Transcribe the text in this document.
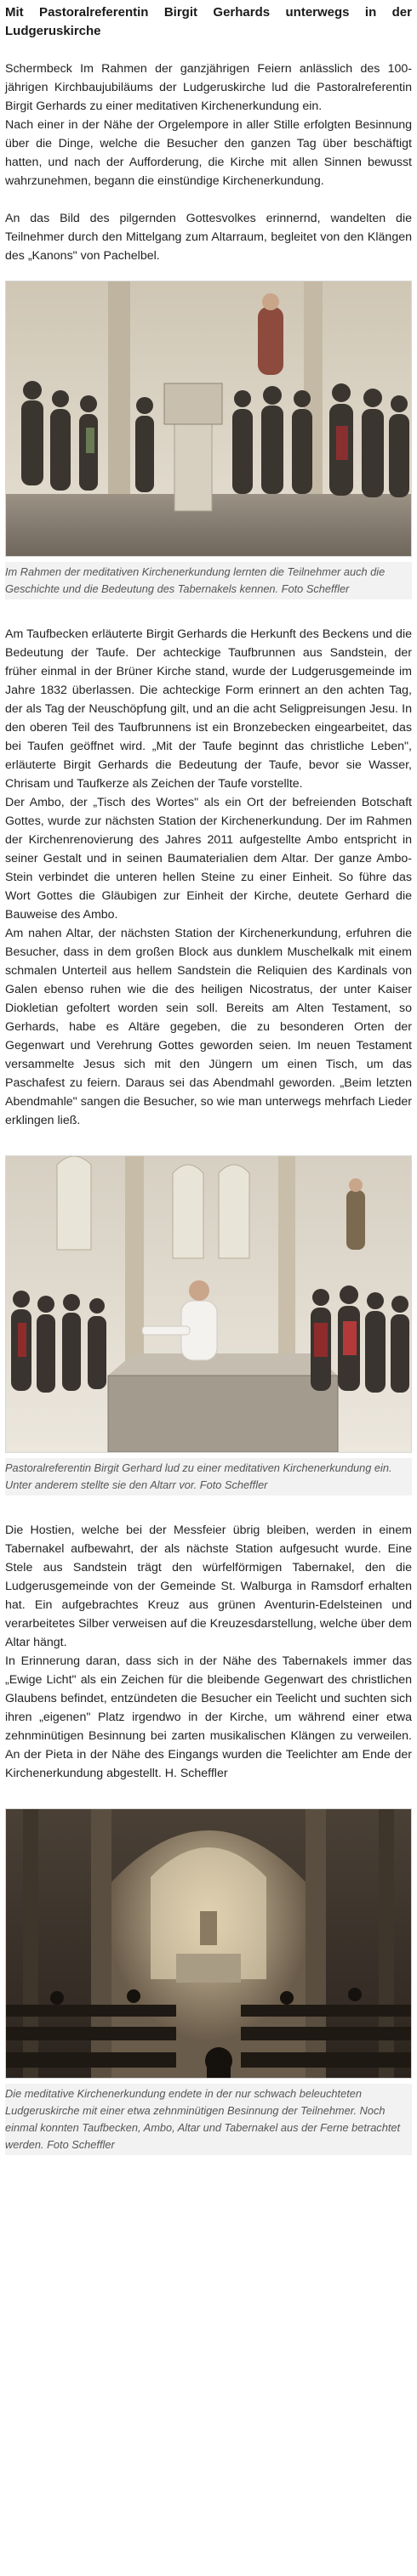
Mit Pastoralreferentin Birgit Gerhards unterwegs in der Ludgeruskirche

Schermbeck Im Rahmen der ganzjährigen Feiern anlässlich des 100-jährigen Kirchbaujubiläums der Ludgeruskirche lud die Pastoralreferentin Birgit Gerhards zu einer meditativen Kirchenerkundung ein.

Nach einer in der Nähe der Orgelempore in aller Stille erfolgten Besinnung über die Dinge, welche die Besucher den ganzen Tag über beschäftigt hatten, und nach der Aufforderung, die Kirche mit allen Sinnen bewusst wahrzunehmen, begann die einstündige Kirchenerkundung.

An das Bild des pilgernden Gottesvolkes erinnernd, wandelten die Teilnehmer durch den Mittelgang zum Altarraum, begleitet von den Klängen des „Kanons" von Pachelbel.

Im Rahmen der meditativen Kirchenerkundung lernten die Teilnehmer auch die Geschichte und die Bedeutung des Tabernakels kennen. Foto Scheffler

Am Taufbecken erläuterte Birgit Gerhards die Herkunft des Beckens und die Bedeutung der Taufe. Der achteckige Taufbrunnen aus Sandstein, der früher einmal in der Brüner Kirche stand, wurde der Ludgerusgemeinde im Jahre 1832 überlassen. Die achteckige Form erinnert an den achten Tag, der als Tag der Neuschöpfung gilt, und an die acht Seligpreisungen Jesu. In den oberen Teil des Taufbrunnens ist ein Bronzebecken eingearbeitet, das bei Taufen geöffnet wird. „Mit der Taufe beginnt das christliche Leben", erläuterte Birgit Gerhards die Bedeutung der Taufe, bevor sie Wasser, Chrisam und Taufkerze als Zeichen der Taufe vorstellte.

Der Ambo, der „Tisch des Wortes" als ein Ort der befreienden Botschaft Gottes, wurde zur nächsten Station der Kirchenerkundung. Der im Rahmen der Kirchenrenovierung des Jahres 2011 aufgestellte Ambo entspricht in seiner Gestalt und in seinen Baumaterialien dem Altar. Der ganze Ambo-Stein verbindet die unteren hellen Steine zu einer Einheit. So führe das Wort Gottes die Gläubigen zur Einheit der Kirche, deutete Gerhard die Bauweise des Ambo.

Am nahen Altar, der nächsten Station der Kirchenerkundung, erfuhren die Besucher, dass in dem großen Block aus dunklem Muschelkalk mit einem schmalen Unterteil aus hellem Sandstein die Reliquien des Kardinals von Galen ebenso ruhen wie die des heiligen Nicostratus, der unter Kaiser Diokletian gefoltert worden sein soll. Bereits am Alten Testament, so Gerhards, habe es Altäre gegeben, die zu besonderen Orten der Gegenwart und Verehrung Gottes geworden seien. Im neuen Testament versammelte Jesus sich mit den Jüngern um einen Tisch, um das Paschafest zu feiern. Daraus sei das Abendmahl geworden. „Beim letzten Abendmahle" sangen die Besucher, so wie man unterwegs mehrfach Lieder erklingen ließ.

Pastoralreferentin Birgit Gerhard lud zu einer meditativen Kirchenerkundung ein. Unter anderem stellte sie den Altarr vor. Foto Scheffler

Die Hostien, welche bei der Messfeier übrig bleiben, werden in einem Tabernakel aufbewahrt, der als nächste Station aufgesucht wurde. Eine Stele aus Sandstein trägt den würfelförmigen Tabernakel, den die Ludgerusgemeinde von der Gemeinde St. Walburga in Ramsdorf erhalten hat. Ein aufgebrachtes Kreuz aus grünen Aventurin-Edelsteinen und verarbeitetes Silber verweisen auf die Kreuzesdarstellung, welche über dem Altar hängt.

In Erinnerung daran, dass sich in der Nähe des Tabernakels immer das „Ewige Licht" als ein Zeichen für die bleibende Gegenwart des christlichen Glaubens befindet, entzündeten die Besucher ein Teelicht und suchten sich ihren „eigenen" Platz irgendwo in der Kirche, um während einer etwa zehnminütigen Besinnung bei zarten musikalischen Klängen zu verweilen. An der Pieta in der Nähe des Eingangs wurden die Teelichter am Ende der Kirchenerkundung abgestellt. H. Scheffler

Die meditative Kirchenerkundung endete in der nur schwach beleuchteten Ludgeruskirche mit einer etwa zehnminütigen Besinnung der Teilnehmer. Noch einmal konnten Taufbecken, Ambo, Altar und Tabernakel aus der Ferne betrachtet werden. Foto Scheffler
